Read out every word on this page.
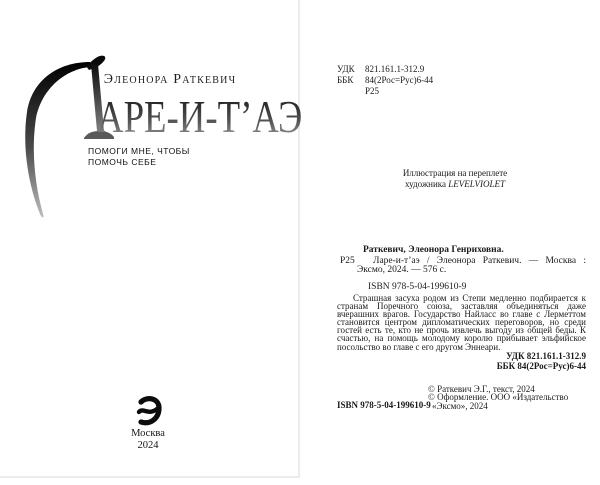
Элеонора Раткевич
АРЕ-И-Т’АЭ
ПОМОГИ МНЕ, ЧТОБЫ
ПОМОЧЬ СЕБЕ
Москва
2024
УДК	821.161.1-312.9
ББК	84(2Рос=Рус)6-44
Р25
Иллюстрация на переплете
художника LEVELVIOLET
Раткевич, Элеонора Генриховна.
Р25 Ларе-и-т’аэ / Элеонора Раткевич. — Москва : Эксмо, 2024. — 576 с.
ISBN 978-5-04-199610-9

Страшная засуха родом из Степи медленно подбирается к странам Поречного союза, заставляя объединяться даже вчерашних врагов. Государство Найласс во главе с Лерметтом становится центром дипломатических переговоров, но среди гостей есть те, кто не прочь извлечь выгоду из общей беды. К счастью, на помощь молодому королю прибывает эльфийское посольство во главе с его другом Эннеари.

УДК 821.161.1-312.9
ББК 84(2Рос=Рус)6-44
© Раткевич Э.Г., текст, 2024
© Оформление. ООО «Издательство
«Эксмо», 2024
ISBN 978-5-04-199610-9
